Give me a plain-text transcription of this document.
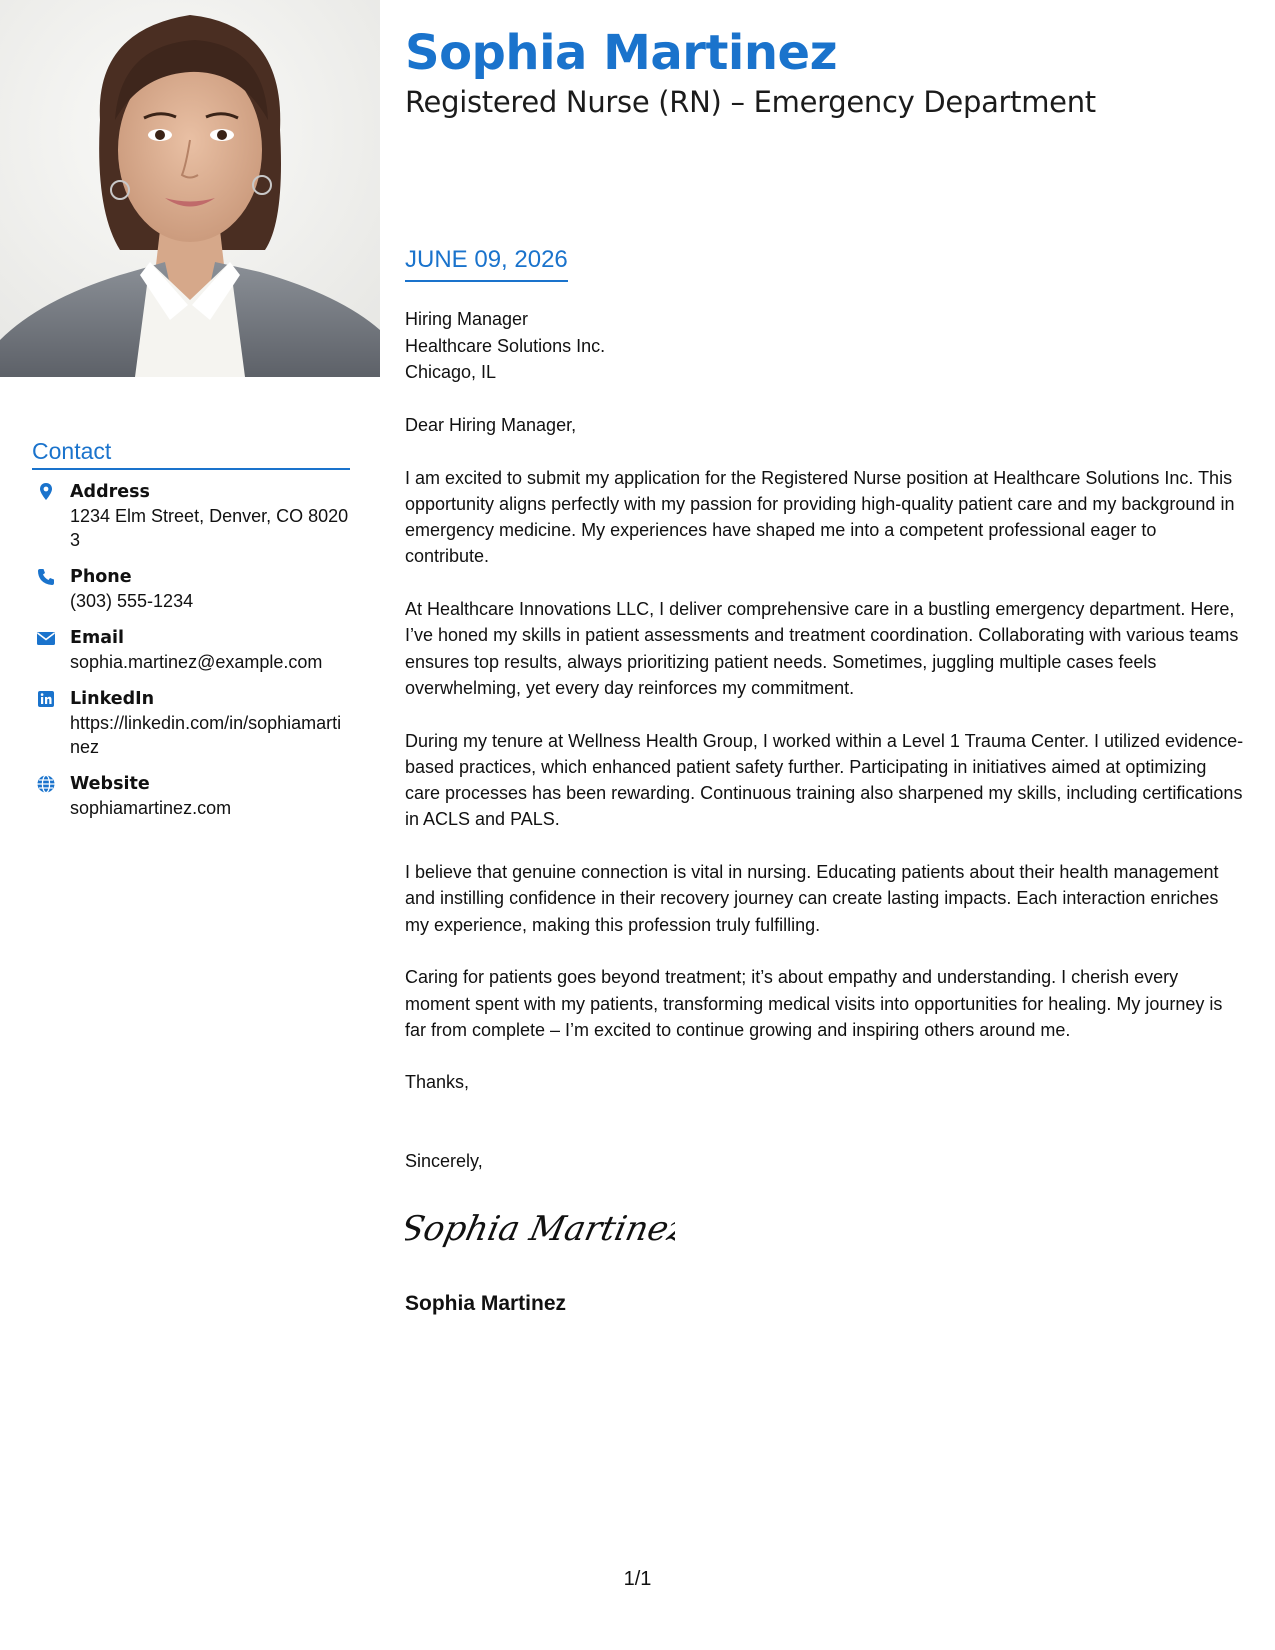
Sophia Martinez
Registered Nurse (RN) – Emergency Department
JUNE 09, 2026
Hiring Manager
Healthcare Solutions Inc.
Chicago, IL
Contact
Address
1234 Elm Street, Denver, CO 80203
Phone
(303) 555-1234
Email
sophia.martinez@example.com
LinkedIn
https://linkedin.com/in/sophiamartinez
Website
sophiamartinez.com

Dear Hiring Manager,

I am excited to submit my application for the Registered Nurse position at Healthcare Solutions Inc. This opportunity aligns perfectly with my passion for providing high-quality patient care and my background in emergency medicine. My experiences have shaped me into a competent professional eager to contribute.

At Healthcare Innovations LLC, I deliver comprehensive care in a bustling emergency department. Here, I’ve honed my skills in patient assessments and treatment coordination. Collaborating with various teams ensures top results, always prioritizing patient needs. Sometimes, juggling multiple cases feels overwhelming, yet every day reinforces my commitment.

During my tenure at Wellness Health Group, I worked within a Level 1 Trauma Center. I utilized evidence-based practices, which enhanced patient safety further. Participating in initiatives aimed at optimizing care processes has been rewarding. Continuous training also sharpened my skills, including certifications in ACLS and PALS.

I believe that genuine connection is vital in nursing. Educating patients about their health management and instilling confidence in their recovery journey can create lasting impacts. Each interaction enriches my experience, making this profession truly fulfilling.

Caring for patients goes beyond treatment; it’s about empathy and understanding. I cherish every moment spent with my patients, transforming medical visits into opportunities for healing. My journey is far from complete – I’m excited to continue growing and inspiring others around me.

Thanks,
Sincerely,
Sophia Martinez
Sophia Martinez
1/1
